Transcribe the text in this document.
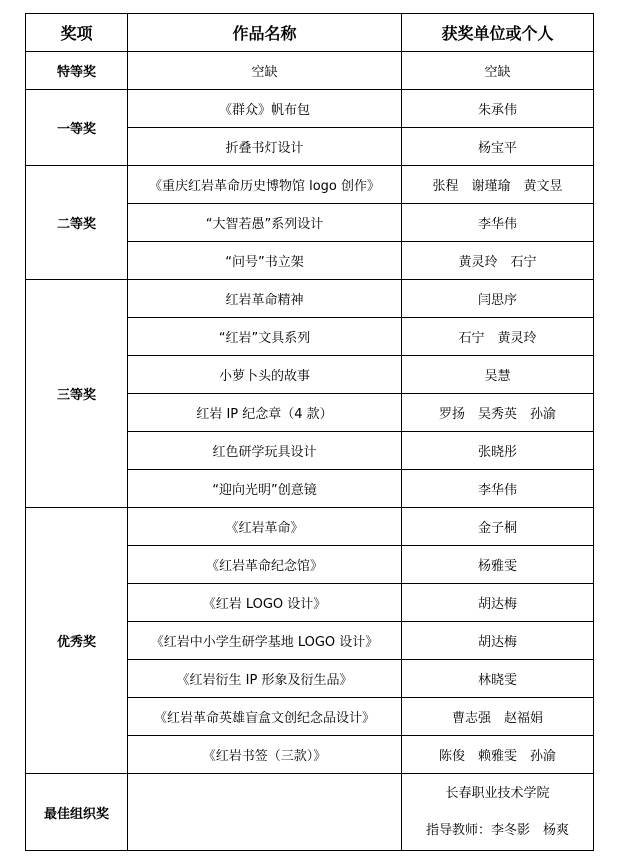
奖项	作品名称	获奖单位或个人
特等奖	空缺	空缺
一等奖	《群众》帆布包	朱承伟
	折叠书灯设计	杨宝平
二等奖	《重庆红岩革命历史博物馆 logo 创作》	张程　谢瑾瑜　黄文昱
	“大智若愚”系列设计	李华伟
	“问号”书立架	黄灵玲　石宁
三等奖	红岩革命精神	闫思序
	“红岩”文具系列	石宁　黄灵玲
	小萝卜头的故事	吴慧
	红岩 IP 纪念章（4 款）	罗扬　吴秀英　孙渝
	红色研学玩具设计	张晓彤
	“迎向光明”创意镜	李华伟
优秀奖	《红岩革命》	金子桐
	《红岩革命纪念馆》	杨雅雯
	《红岩 LOGO 设计》	胡达梅
	《红岩中小学生研学基地 LOGO 设计》	胡达梅
	《红岩衍生 IP 形象及衍生品》	林晓雯
	《红岩革命英雄盲盒文创纪念品设计》	曹志强　赵福娟
	《红岩书签（三款）》	陈俊　赖雅雯　孙渝
最佳组织奖		长春职业技术学院
指导教师：李冬影　杨爽
